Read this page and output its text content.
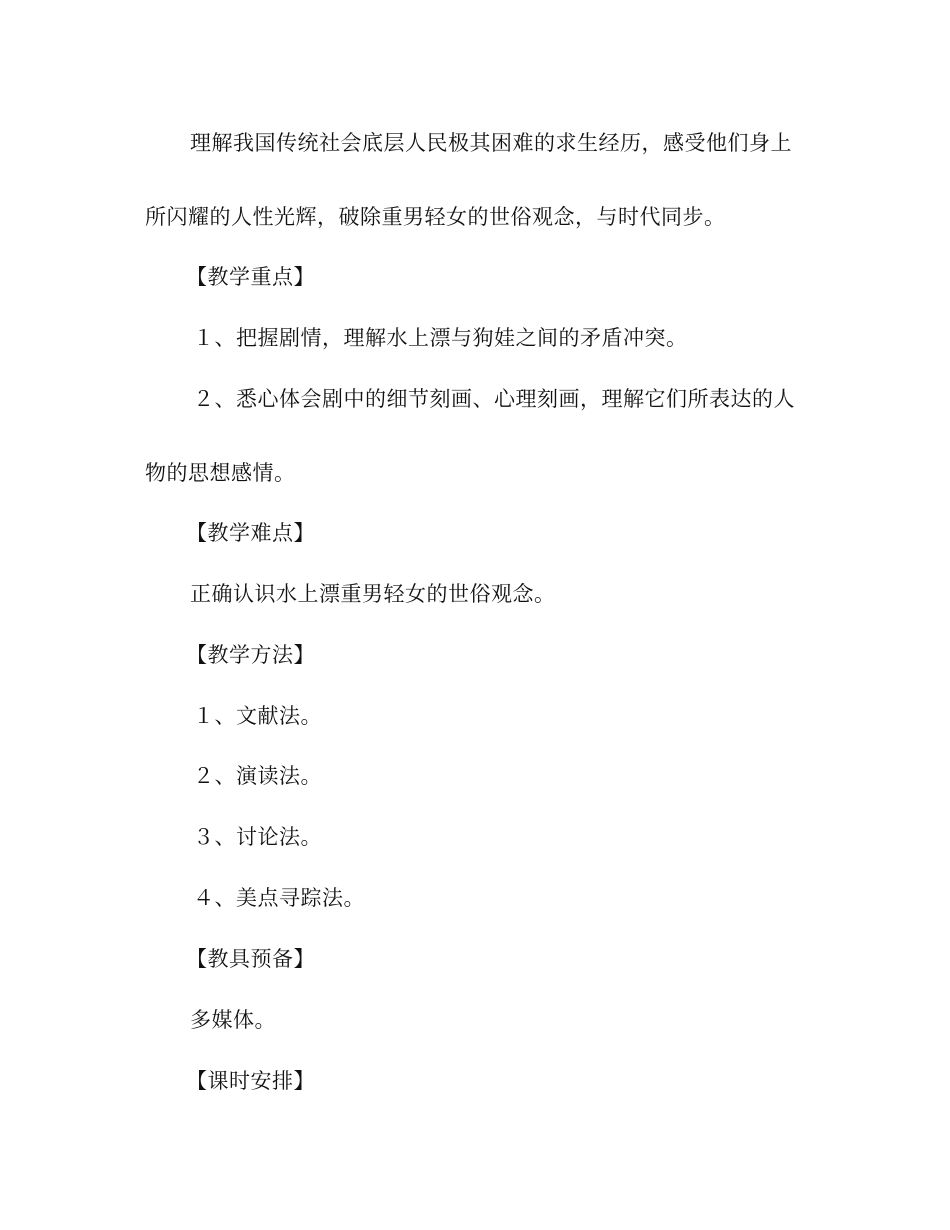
理解我国传统社会底层人民极其困难的求生经历，感受他们身上
所闪耀的人性光辉，破除重男轻女的世俗观念，与时代同步。
【教学重点】
１、把握剧情，理解水上漂与狗娃之间的矛盾冲突。
２、悉心体会剧中的细节刻画、心理刻画，理解它们所表达的人
物的思想感情。
【教学难点】
正确认识水上漂重男轻女的世俗观念。
【教学方法】
１、文献法。
２、演读法。
３、讨论法。
４、美点寻踪法。
【教具预备】
多媒体。
【课时安排】
